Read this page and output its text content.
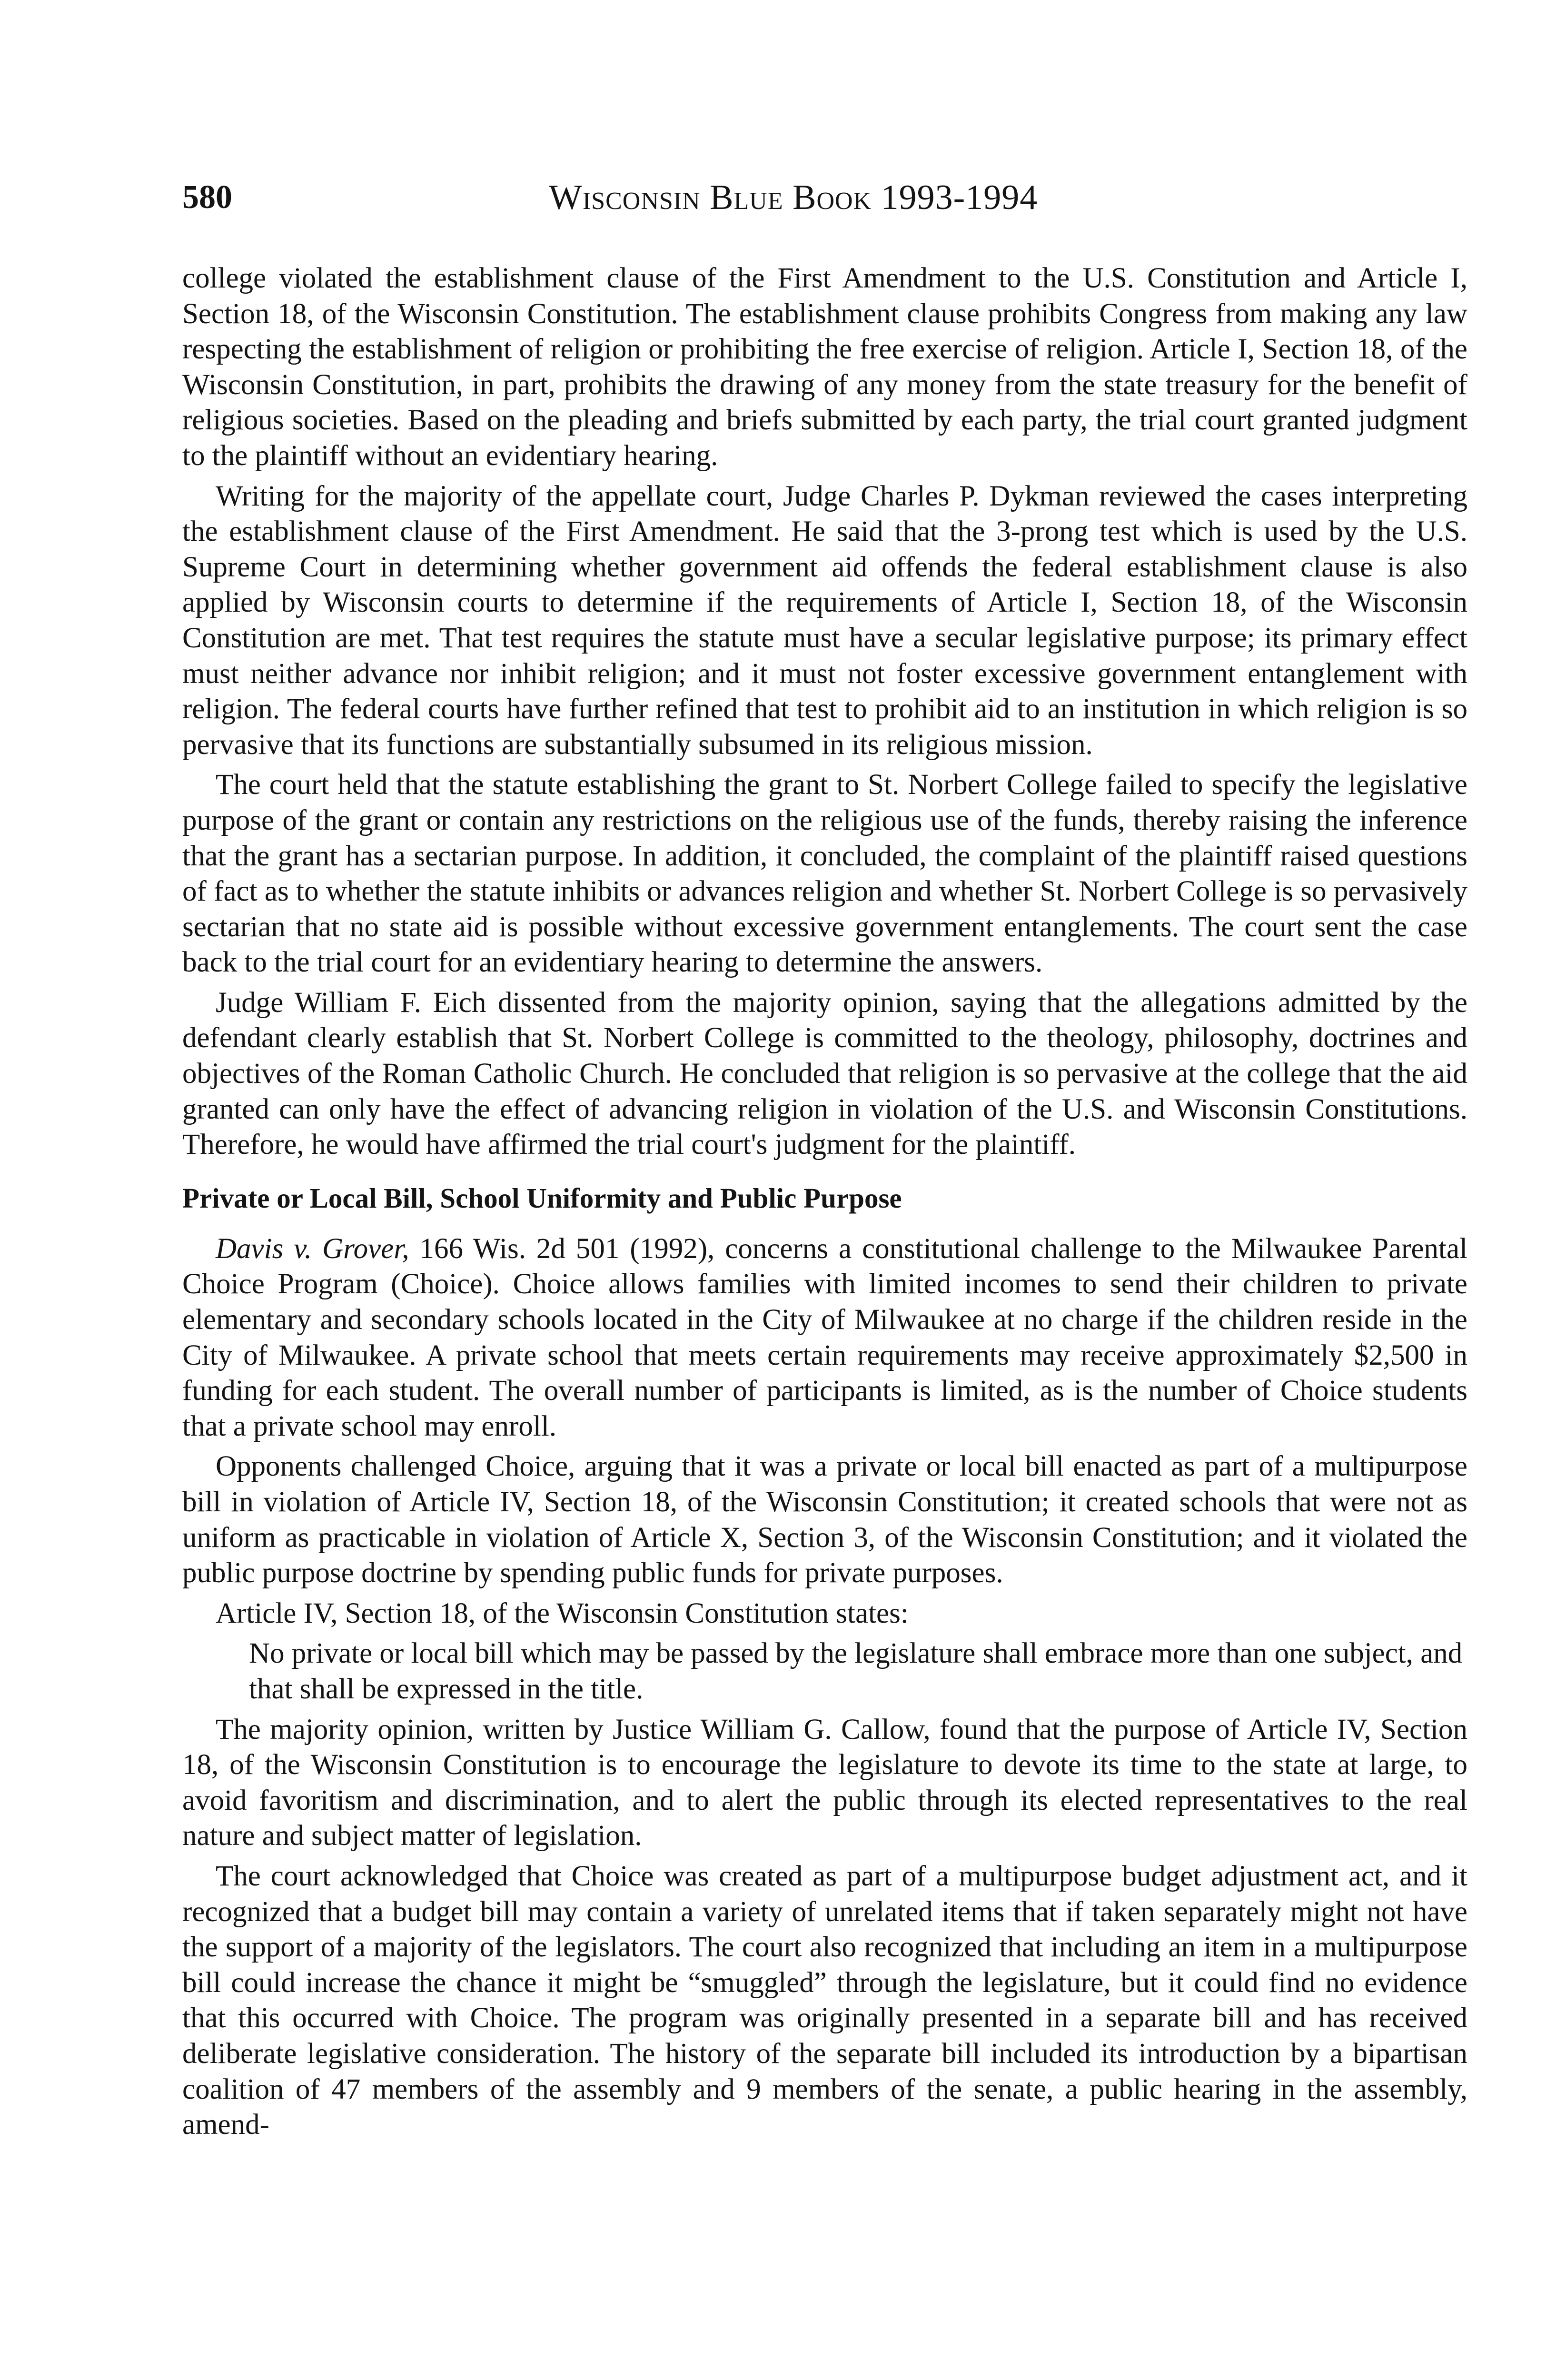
580	Wisconsin Blue Book 1993-1994

college violated the establishment clause of the First Amendment to the U.S. Constitution and Article I, Section 18, of the Wisconsin Constitution. The establishment clause prohibits Congress from making any law respecting the establishment of religion or prohibiting the free exercise of religion. Article I, Section 18, of the Wisconsin Constitution, in part, prohibits the drawing of any money from the state treasury for the benefit of religious societies. Based on the pleading and briefs submitted by each party, the trial court granted judgment to the plaintiff without an evidentiary hearing.

Writing for the majority of the appellate court, Judge Charles P. Dykman reviewed the cases interpreting the establishment clause of the First Amendment. He said that the 3-prong test which is used by the U.S. Supreme Court in determining whether government aid offends the federal establishment clause is also applied by Wisconsin courts to determine if the requirements of Article I, Section 18, of the Wisconsin Constitution are met. That test requires the statute must have a secular legislative purpose; its primary effect must neither advance nor inhibit religion; and it must not foster excessive government entanglement with religion. The federal courts have further refined that test to prohibit aid to an institution in which religion is so pervasive that its functions are substantially subsumed in its religious mission.

The court held that the statute establishing the grant to St. Norbert College failed to specify the legislative purpose of the grant or contain any restrictions on the religious use of the funds, thereby raising the inference that the grant has a sectarian purpose. In addition, it concluded, the complaint of the plaintiff raised questions of fact as to whether the statute inhibits or advances religion and whether St. Norbert College is so pervasively sectarian that no state aid is possible without excessive government entanglements. The court sent the case back to the trial court for an evidentiary hearing to determine the answers.

Judge William F. Eich dissented from the majority opinion, saying that the allegations admitted by the defendant clearly establish that St. Norbert College is committed to the theology, philosophy, doctrines and objectives of the Roman Catholic Church. He concluded that religion is so pervasive at the college that the aid granted can only have the effect of advancing religion in violation of the U.S. and Wisconsin Constitutions. Therefore, he would have affirmed the trial court's judgment for the plaintiff.

Private or Local Bill, School Uniformity and Public Purpose

Davis v. Grover, 166 Wis. 2d 501 (1992), concerns a constitutional challenge to the Milwaukee Parental Choice Program (Choice). Choice allows families with limited incomes to send their children to private elementary and secondary schools located in the City of Milwaukee at no charge if the children reside in the City of Milwaukee. A private school that meets certain requirements may receive approximately $2,500 in funding for each student. The overall number of participants is limited, as is the number of Choice students that a private school may enroll.

Opponents challenged Choice, arguing that it was a private or local bill enacted as part of a multipurpose bill in violation of Article IV, Section 18, of the Wisconsin Constitution; it created schools that were not as uniform as practicable in violation of Article X, Section 3, of the Wisconsin Constitution; and it violated the public purpose doctrine by spending public funds for private purposes.

Article IV, Section 18, of the Wisconsin Constitution states:

No private or local bill which may be passed by the legislature shall embrace more than one subject, and that shall be expressed in the title.

The majority opinion, written by Justice William G. Callow, found that the purpose of Article IV, Section 18, of the Wisconsin Constitution is to encourage the legislature to devote its time to the state at large, to avoid favoritism and discrimination, and to alert the public through its elected representatives to the real nature and subject matter of legislation.

The court acknowledged that Choice was created as part of a multipurpose budget adjustment act, and it recognized that a budget bill may contain a variety of unrelated items that if taken separately might not have the support of a majority of the legislators. The court also recognized that including an item in a multipurpose bill could increase the chance it might be “smuggled” through the legislature, but it could find no evidence that this occurred with Choice. The program was originally presented in a separate bill and has received deliberate legislative consideration. The history of the separate bill included its introduction by a bipartisan coalition of 47 members of the assembly and 9 members of the senate, a public hearing in the assembly, amend-
